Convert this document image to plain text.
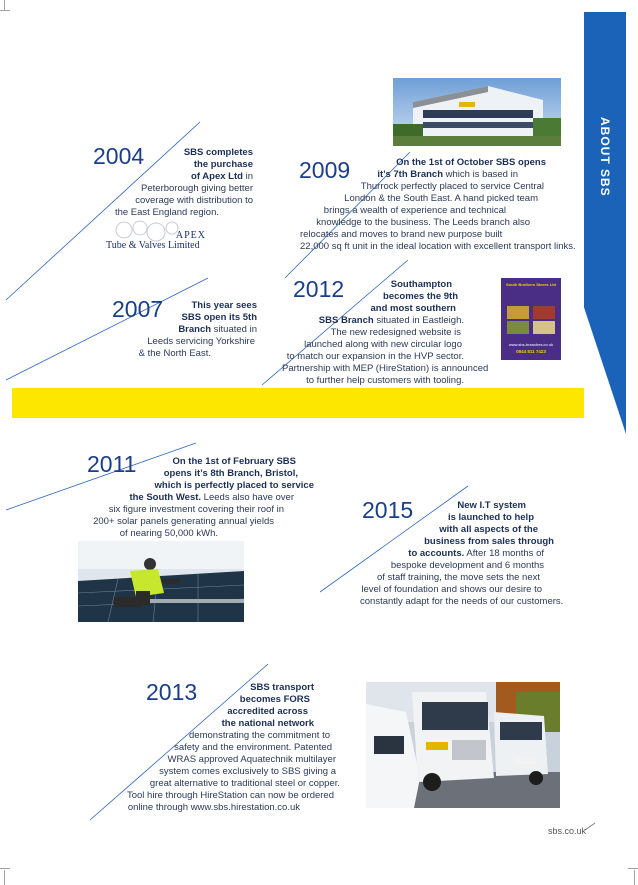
ABOUT SBS
05
2004	SBS completes
the purchase
of Apex Ltd in
Peterborough giving better
coverage with distribution to
the East England region.
APEX
Tube & Valves Limited
2009	On the 1st of October SBS opens
it’s 7th Branch which is based in
Thurrock perfectly placed to service Central
London & the South East. A hand picked team
brings a wealth of experience and technical
knowledge to the business. The Leeds branch also
relocates and moves to brand new purpose built
22,000 sq ft unit in the ideal location with excellent transport links.
2007	This year sees
SBS open its 5th
Branch situated in
Leeds servicing Yorkshire
& the North East.
2012	Southampton
becomes the 9th
and most southern
SBS Branch situated in Eastleigh.
The new redesigned website is
launched along with new circular logo
to match our expansion in the HVP sector.
Partnership with MEP (HireStation) is announced
to further help customers with tooling.
South Brothers Stores Ltd
www.sbs-branches.co.uk
0844 811 7423
2011	On the 1st of February SBS
opens it’s 8th Branch, Bristol,
which is perfectly placed to service
the South West. Leeds also have over
six figure investment covering their roof in
200+ solar panels generating annual yields
of nearing 50,000 kWh.
2015	New I.T system
is launched to help
with all aspects of the
business from sales through
to accounts. After 18 months of
bespoke development and 6 months
of staff training, the move sets the next
level of foundation and shows our desire to
constantly adapt for the needs of our customers.
2013	SBS transport
becomes FORS
accredited across
the national network
demonstrating the commitment to
safety and the environment. Patented
WRAS approved Aquatechnik multilayer
system comes exclusively to SBS giving a
great alternative to traditional steel or copper.
Tool hire through HireStation can now be ordered
online through www.sbs.hirestation.co.uk
sbs.co.uk
